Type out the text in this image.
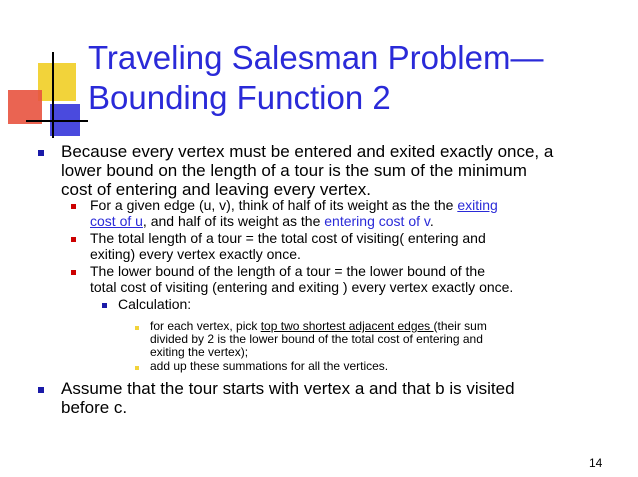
Traveling Salesman Problem—
Bounding Function 2
Because every vertex must be entered and exited exactly once, a
lower bound on the length of a tour is the sum of the minimum
cost of entering and leaving every vertex.
For a given edge (u, v), think of half of its weight as the the exiting
cost of u, and half of its weight as the entering cost of v.
The total length of a tour = the total cost of visiting( entering and
exiting) every vertex exactly once.
The lower bound of the length of a tour = the lower bound of the
total cost of visiting (entering and exiting ) every vertex exactly once.
Calculation:
for each vertex, pick top two shortest adjacent edges (their sum
divided by 2 is the lower bound of the total cost of entering and
exiting the vertex);
add up these summations for all the vertices.
Assume that the tour starts with vertex a and that b is visited
before c.
14
